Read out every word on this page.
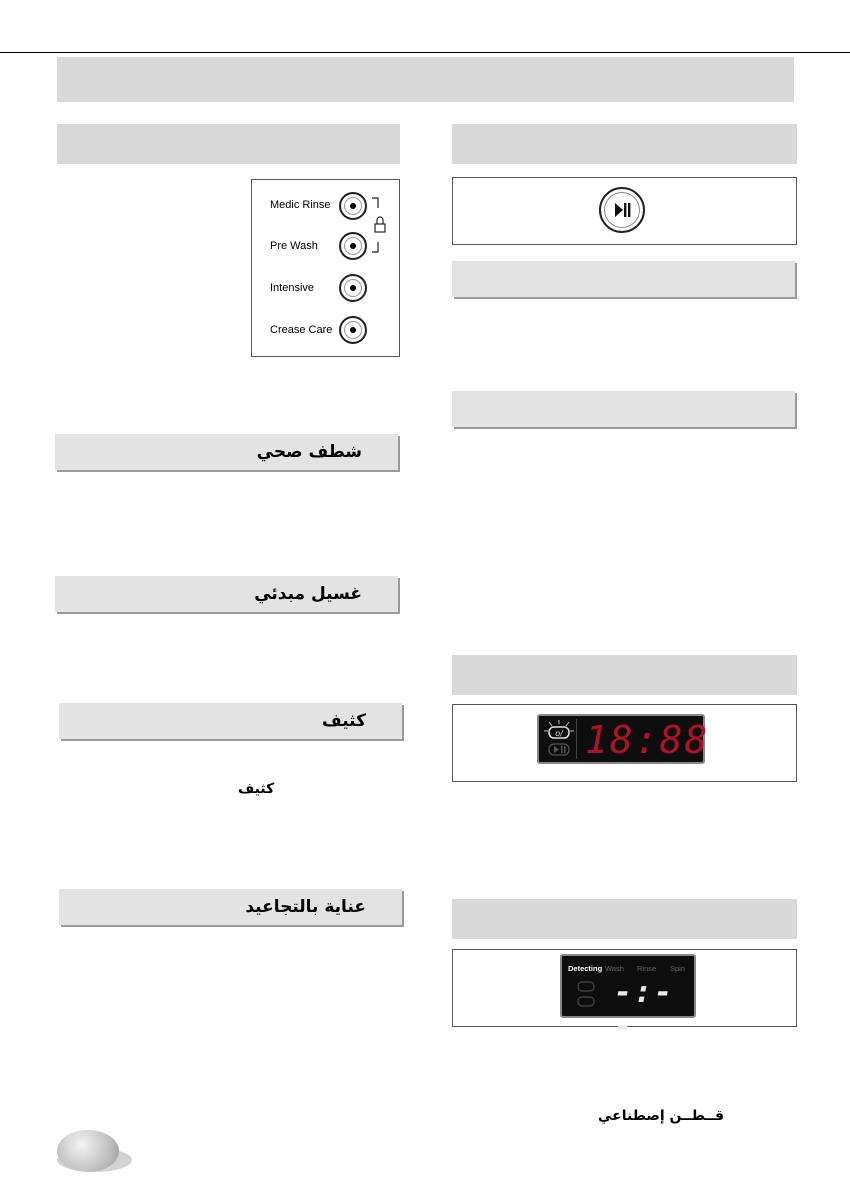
Medic Rinse
Pre Wash
Intensive
Crease Care
شطف صحي
غسيل مبدئي
كثيف
كثيف
عناية بالتجاعيد
o/ 18:88
Detecting Wash Rinse Spin
-:--
قــطــن إصطناعي
